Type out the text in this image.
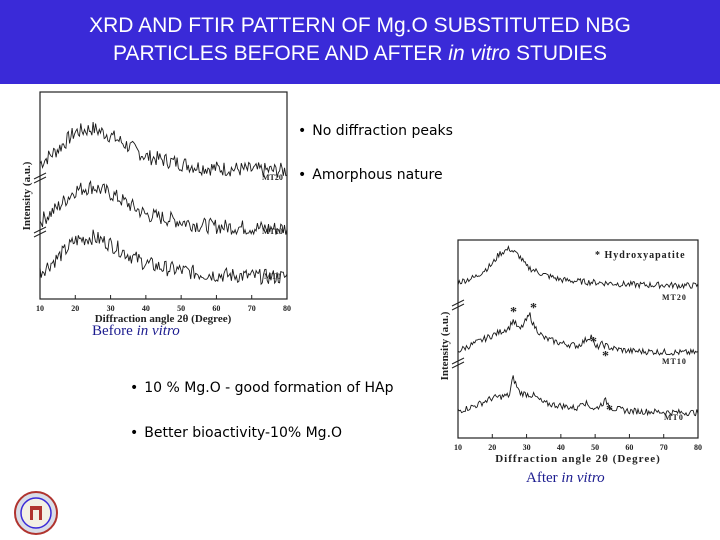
XRD AND FTIR PATTERN OF Mg.O SUBSTITUTED NBG
PARTICLES BEFORE AND AFTER in vitro STUDIES
10	20	30	40	50	60	70	80
Intensity (a.u.)
Diffraction angle 2θ (Degree)
MT20
MT10
MT0
• No diffraction peaks
• Amorphous nature
Before in vitro
10	20	30	40	50	60	70	80
* Hydroxyapatite
Intensity (a.u.)
Diffraction angle 2θ (Degree)
MT20
MT10
MT0
* *
*
*
*
• 10 % Mg.O - good formation of HAp
• Better bioactivity-10% Mg.O
After in vitro
